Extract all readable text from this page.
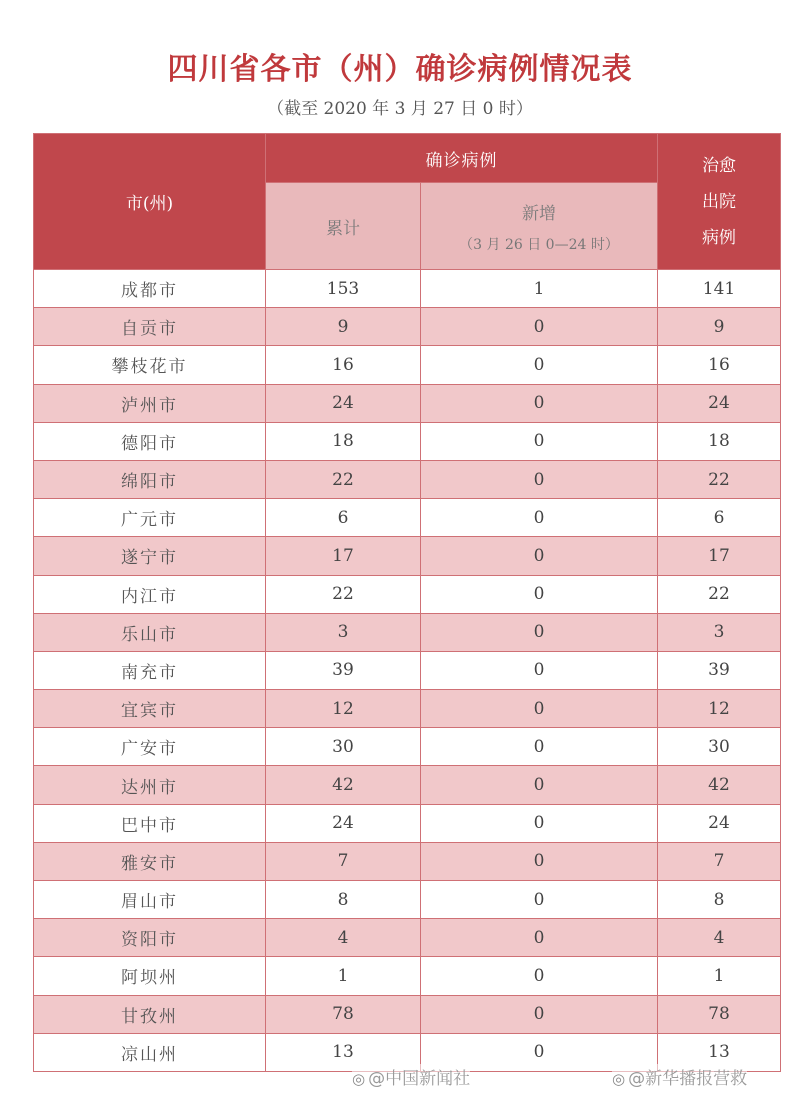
四川省各市（州）确诊病例情况表
（截至 2020 年 3 月 27 日 0 时）
市(州)	确诊病例		治愈
出院
病例

	累计	新增
（3 月 26 日 0—24 时）	

成都市	153	1	141
自贡市	9	0	9
攀枝花市	16	0	16
泸州市	24	0	24
德阳市	18	0	18
绵阳市	22	0	22
广元市	6	0	6
遂宁市	17	0	17
内江市	22	0	22
乐山市	3	0	3
南充市	39	0	39
宜宾市	12	0	12
广安市	30	0	30
达州市	42	0	42
巴中市	24	0	24
雅安市	7	0	7
眉山市	8	0	8
资阳市	4	0	4
阿坝州	1	0	1
甘孜州	78	0	78
凉山州	13	0	13
◎ @中国新闻社	◎ @新华播报营救
